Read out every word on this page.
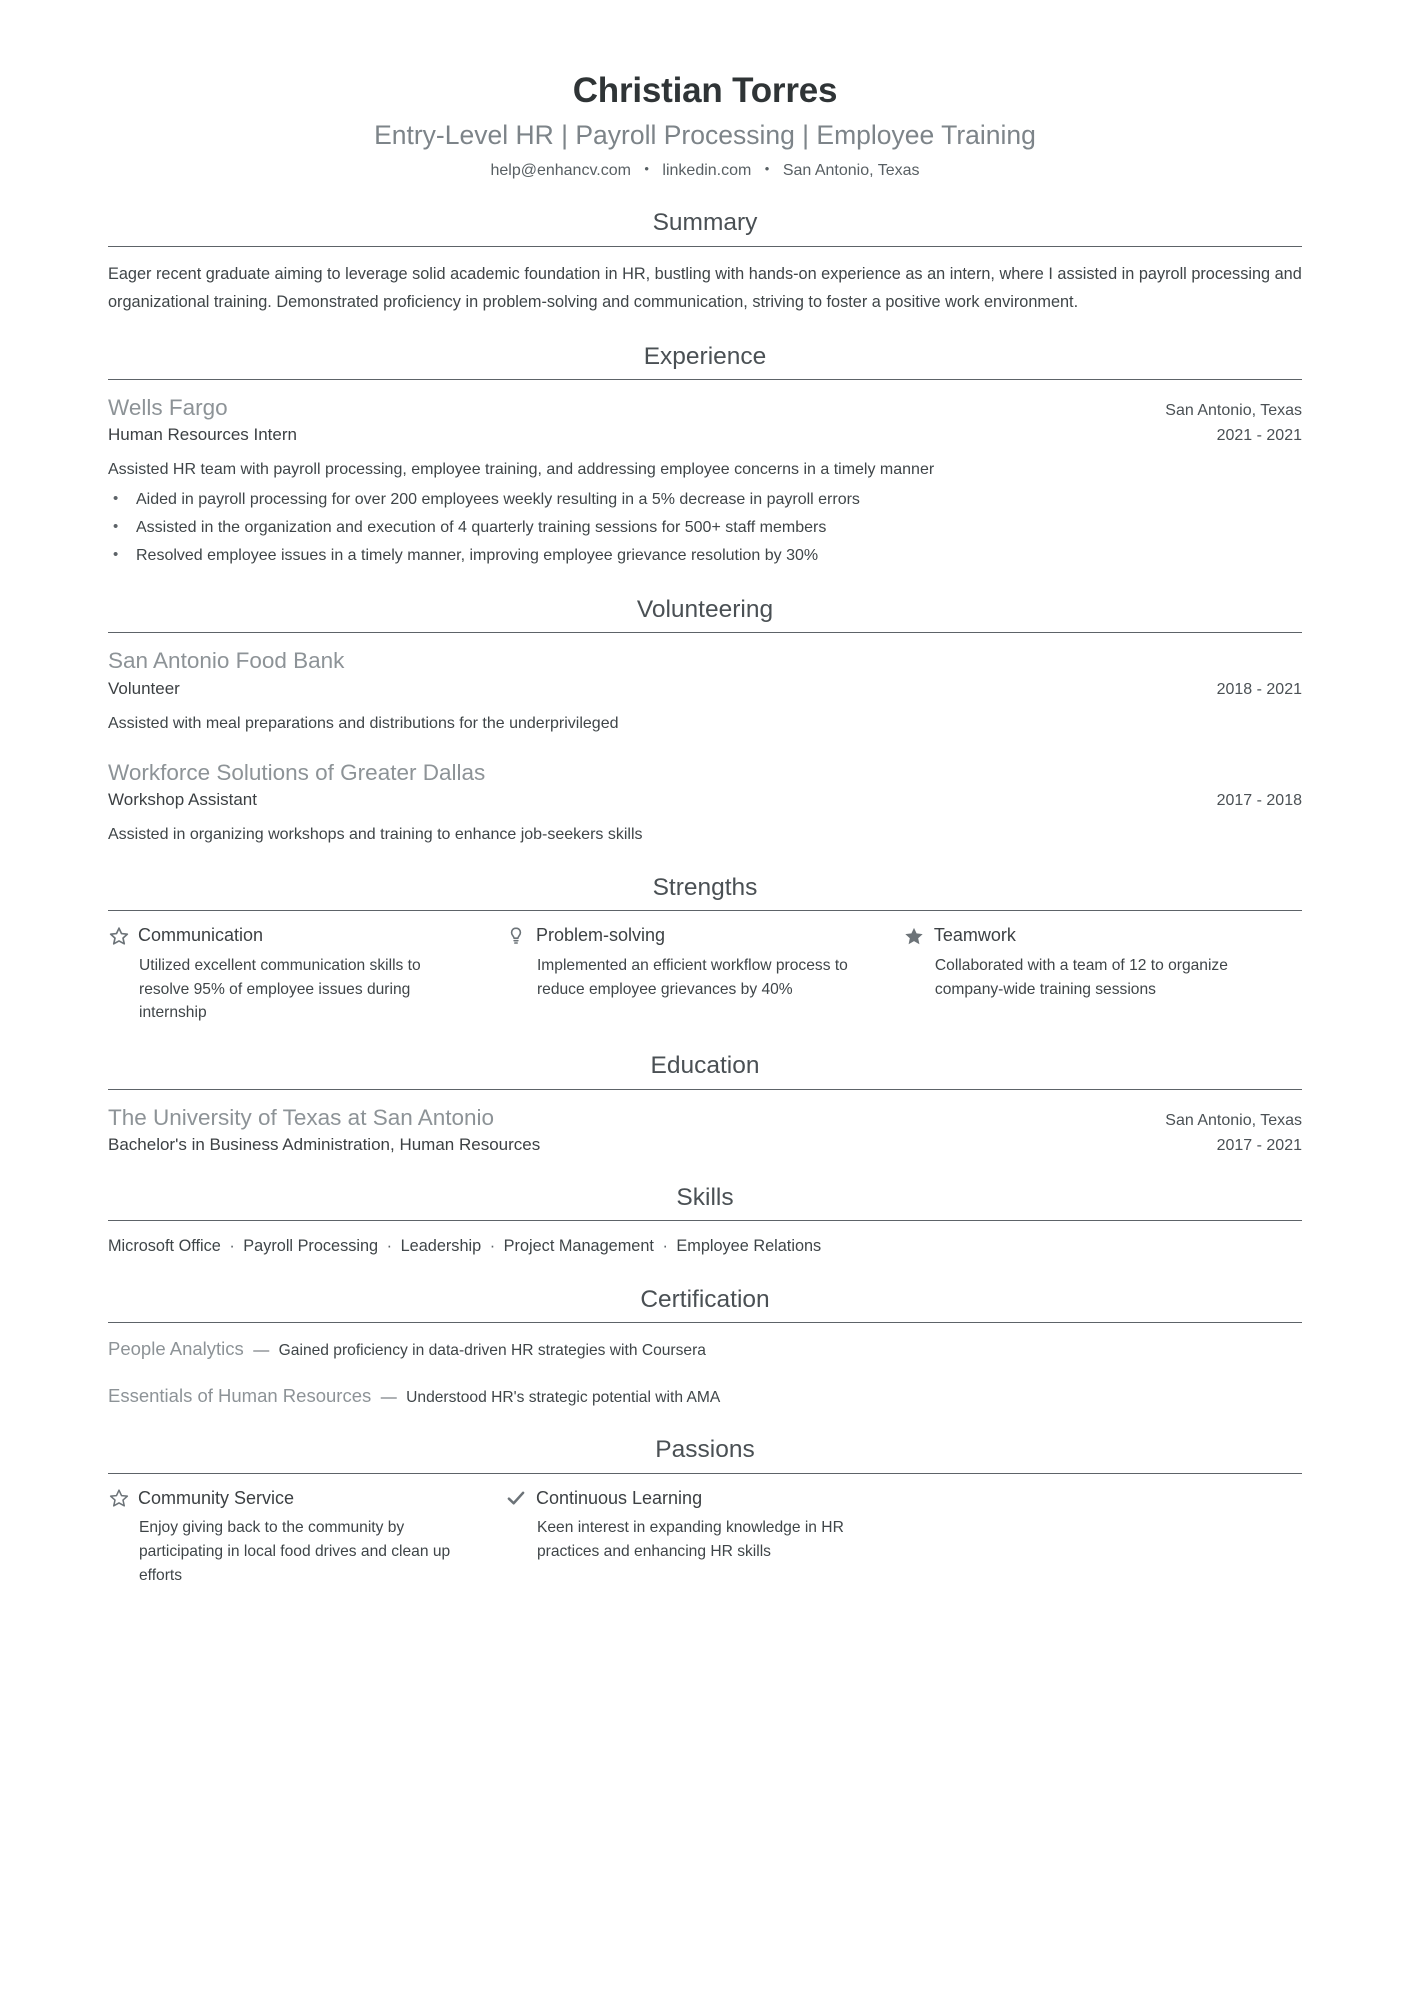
Christian Torres
Entry-Level HR | Payroll Processing | Employee Training
help@enhancv.com • linkedin.com • San Antonio, Texas
Summary
Eager recent graduate aiming to leverage solid academic foundation in HR, bustling with hands-on experience as an intern, where I assisted in payroll processing and organizational training. Demonstrated proficiency in problem-solving and communication, striving to foster a positive work environment.
Experience
Wells Fargo	San Antonio, Texas
Human Resources Intern	2021 - 2021
Assisted HR team with payroll processing, employee training, and addressing employee concerns in a timely manner
• Aided in payroll processing for over 200 employees weekly resulting in a 5% decrease in payroll errors
• Assisted in the organization and execution of 4 quarterly training sessions for 500+ staff members
• Resolved employee issues in a timely manner, improving employee grievance resolution by 30%
Volunteering
San Antonio Food Bank
Volunteer	2018 - 2021
Assisted with meal preparations and distributions for the underprivileged
Workforce Solutions of Greater Dallas
Workshop Assistant	2017 - 2018
Assisted in organizing workshops and training to enhance job-seekers skills
Strengths
Communication
Utilized excellent communication skills to resolve 95% of employee issues during internship
Problem-solving
Implemented an efficient workflow process to reduce employee grievances by 40%
Teamwork
Collaborated with a team of 12 to organize company-wide training sessions
Education
The University of Texas at San Antonio	San Antonio, Texas
Bachelor's in Business Administration, Human Resources	2017 - 2021
Skills
Microsoft Office · Payroll Processing · Leadership · Project Management · Employee Relations
Certification
People Analytics — Gained proficiency in data-driven HR strategies with Coursera
Essentials of Human Resources — Understood HR's strategic potential with AMA
Passions
Community Service
Enjoy giving back to the community by participating in local food drives and clean up efforts
Continuous Learning
Keen interest in expanding knowledge in HR practices and enhancing HR skills
